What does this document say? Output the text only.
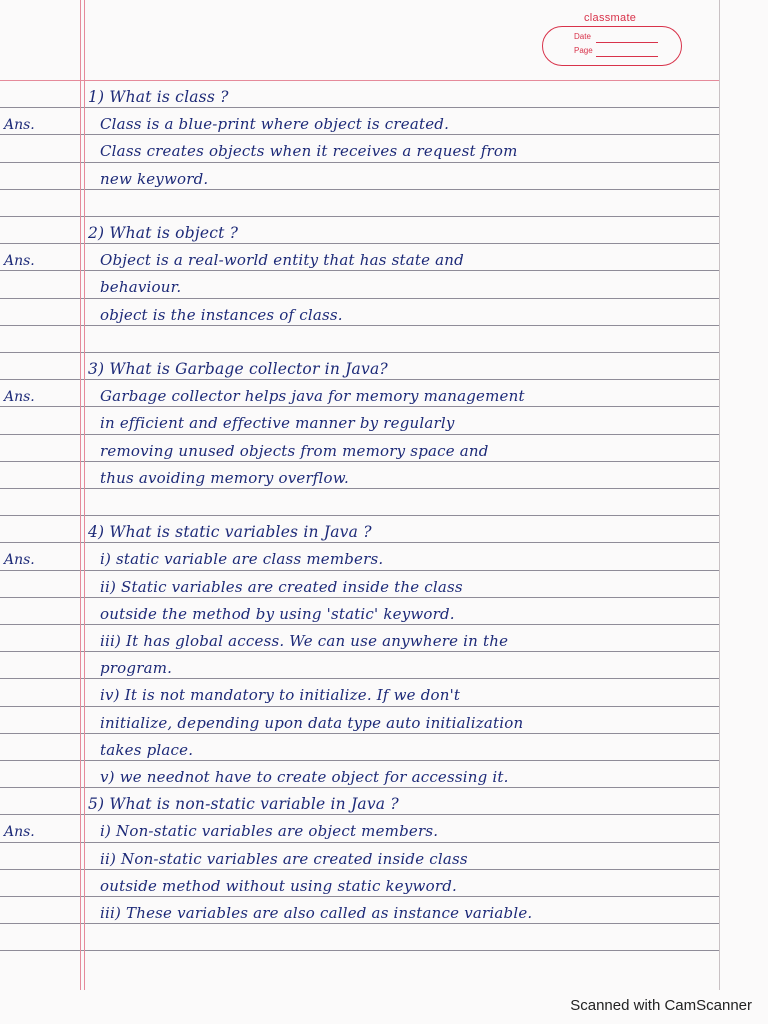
classmate
Date
Page
1) What is class ?
Ans.	Class is a blue-print where object is created.
Class creates objects when it receives a request from
new keyword.
2) What is object ?
Ans.	Object is a real-world entity that has state and
behaviour.
object is the instances of class.
3) What is Garbage collector in Java?
Ans.	Garbage collector helps java for memory management
in efficient and effective manner by regularly
removing unused objects from memory space and
thus avoiding memory overflow.
4) What is static variables in Java ?
Ans.	i) static variable are class members.
ii) Static variables are created inside the class
outside the method by using 'static' keyword.
iii) It has global access. We can use anywhere in the
program.
iv) It is not mandatory to initialize. If we don't
initialize, depending upon data type auto initialization
takes place.
v) we neednot have to create object for accessing it.
5) What is non-static variable in Java ?
Ans.	i) Non-static variables are object members.
ii) Non-static variables are created inside class
outside method without using static keyword.
iii) These variables are also called as instance variable.
Scanned with CamScanner
